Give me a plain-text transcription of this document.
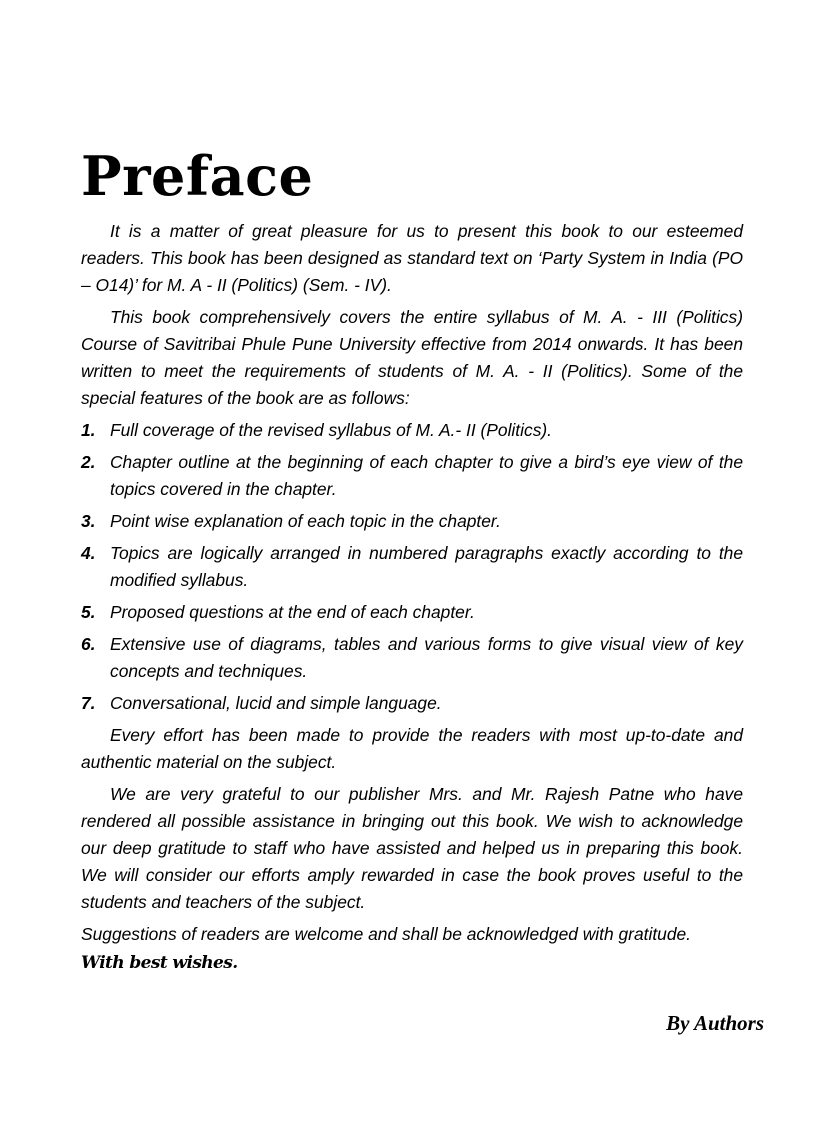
Preface

It is a matter of great pleasure for us to present this book to our esteemed readers. This book has been designed as standard text on ‘Party System in India (PO – O14)’ for M. A - II (Politics) (Sem. - IV).

This book comprehensively covers the entire syllabus of M. A. - III (Politics) Course of Savitribai Phule Pune University effective from 2014 onwards. It has been written to meet the requirements of students of M. A. - II (Politics). Some of the special features of the book are as follows:

1. Full coverage of the revised syllabus of M. A.- II (Politics).
2. Chapter outline at the beginning of each chapter to give a bird’s eye view of the topics covered in the chapter.
3. Point wise explanation of each topic in the chapter.
4. Topics are logically arranged in numbered paragraphs exactly according to the modified syllabus.
5. Proposed questions at the end of each chapter.
6. Extensive use of diagrams, tables and various forms to give visual view of key concepts and techniques.
7. Conversational, lucid and simple language.

Every effort has been made to provide the readers with most up-to-date and authentic material on the subject.

We are very grateful to our publisher Mrs. and Mr. Rajesh Patne who have rendered all possible assistance in bringing out this book. We wish to acknowledge our deep gratitude to staff who have assisted and helped us in preparing this book. We will consider our efforts amply rewarded in case the book proves useful to the students and teachers of the subject.

Suggestions of readers are welcome and shall be acknowledged with gratitude.

With best wishes.

By Authors
